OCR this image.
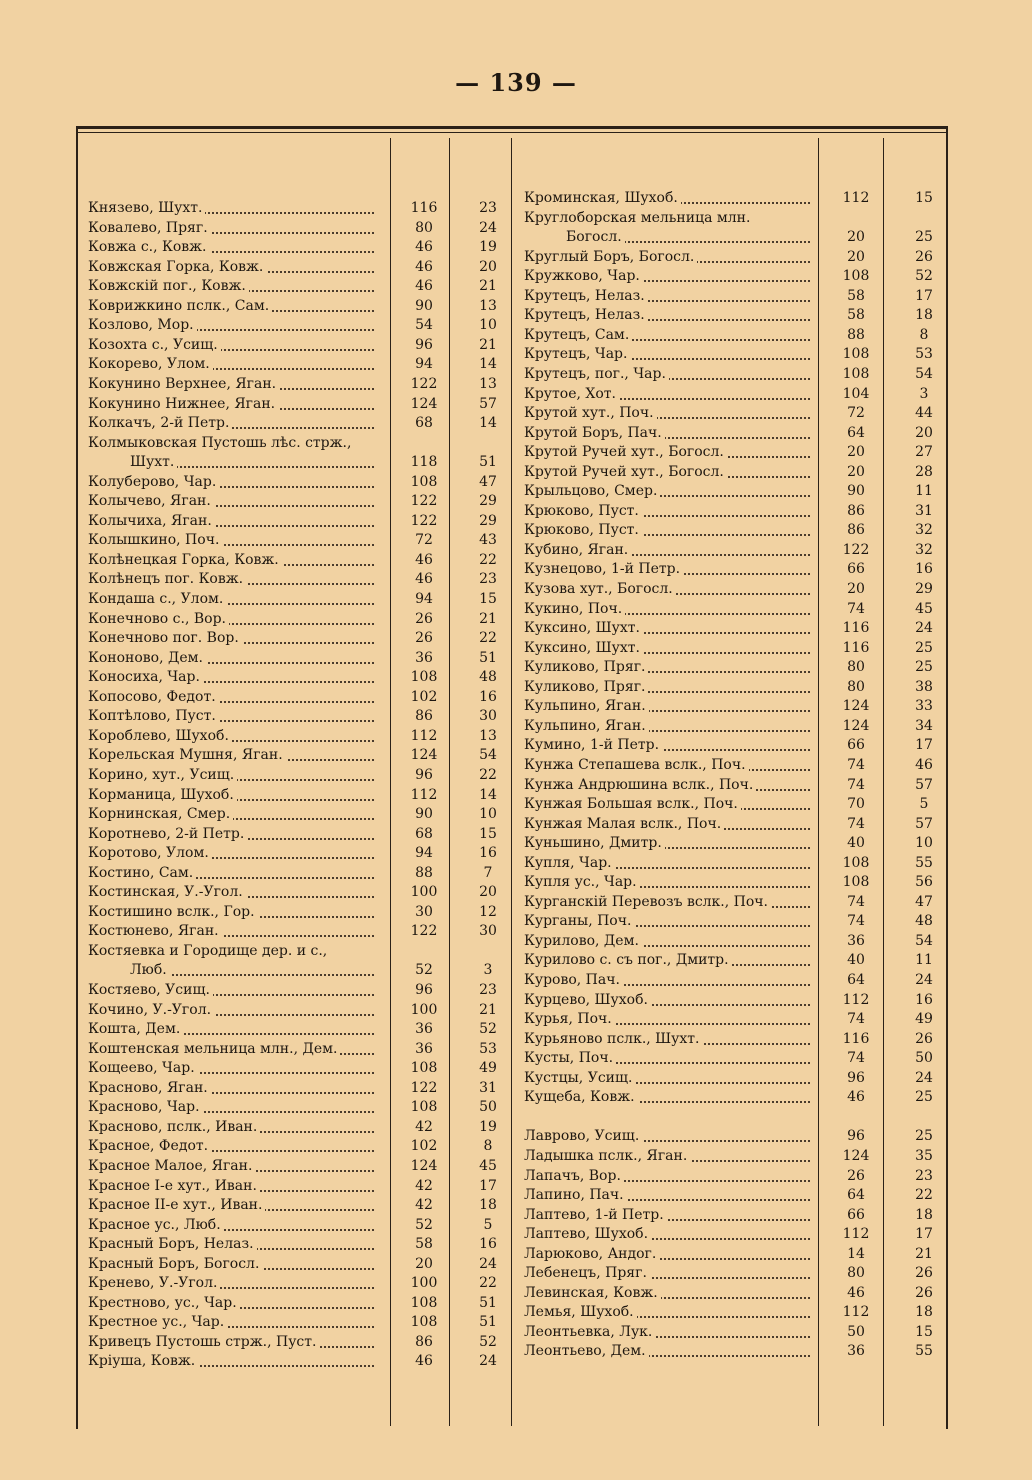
— 139 —
Князево, Шухт.	116	23
Ковалево, Пряг.	80	24
Ковжа с., Ковж.	46	19
Ковжская Горка, Ковж.	46	20
Ковжскій пог., Ковж.	46	21
Коврижкино пслк., Сам.	90	13
Козлово, Мор.	54	10
Козохта с., Усищ.	96	21
Кокорево, Улом.	94	14
Кокунино Верхнее, Яган.	122	13
Кокунино Нижнее, Яган.	124	57
Колкачъ, 2-й Петр.	68	14
Колмыковская Пустошь лѣс. стрж.,
Шухт.	118	51
Колуберово, Чар.	108	47
Колычево, Яган.	122	29
Колычиха, Яган.	122	29
Колышкино, Поч.	72	43
Колѣнецкая Горка, Ковж.	46	22
Колѣнецъ пог. Ковж.	46	23
Кондаша с., Улом.	94	15
Конечново с., Вор.	26	21
Конечново пог. Вор.	26	22
Кононово, Дем.	36	51
Коносиха, Чар.	108	48
Копосово, Федот.	102	16
Коптѣлово, Пуст.	86	30
Короблево, Шухоб.	112	13
Корельская Мушня, Яган.	124	54
Корино, хут., Усищ.	96	22
Корманица, Шухоб.	112	14
Корнинская, Смер.	90	10
Коротнево, 2-й Петр.	68	15
Коротово, Улом.	94	16
Костино, Сам.	88	7
Костинская, У.-Угол.	100	20
Костишино вслк., Гор.	30	12
Костюнево, Яган.	122	30
Костяевка и Городище дер. и с.,
Люб.	52	3
Костяево, Усищ.	96	23
Кочино, У.-Угол.	100	21
Кошта, Дем.	36	52
Коштенская мельница млн., Дем.	36	53
Кощеево, Чар.	108	49
Красново, Яган.	122	31
Красново, Чар.	108	50
Красново, пслк., Иван.	42	19
Красное, Федот.	102	8
Красное Малое, Яган.	124	45
Красное I-е хут., Иван.	42	17
Красное II-е хут., Иван.	42	18
Красное ус., Люб.	52	5
Красный Боръ, Нелаз.	58	16
Красный Боръ, Богосл.	20	24
Кренево, У.-Угол.	100	22
Крестново, ус., Чар.	108	51
Крестное ус., Чар.	108	51
Кривецъ Пустошь стрж., Пуст.	86	52
Кріуша, Ковж.	46	24
Кроминская, Шухоб.	112	15
Круглоборская мельница млн.
Богосл.	20	25
Круглый Боръ, Богосл.	20	26
Кружково, Чар.	108	52
Крутецъ, Нелаз.	58	17
Крутецъ, Нелаз.	58	18
Крутецъ, Сам.	88	8
Крутецъ, Чар.	108	53
Крутецъ, пог., Чар.	108	54
Крутое, Хот.	104	3
Крутой хут., Поч.	72	44
Крутой Боръ, Пач.	64	20
Крутой Ручей хут., Богосл.	20	27
Крутой Ручей хут., Богосл.	20	28
Крыльцово, Смер.	90	11
Крюково, Пуст.	86	31
Крюково, Пуст.	86	32
Кубино, Яган.	122	32
Кузнецово, 1-й Петр.	66	16
Кузова хут., Богосл.	20	29
Кукино, Поч.	74	45
Куксино, Шухт.	116	24
Куксино, Шухт.	116	25
Куликово, Пряг.	80	25
Куликово, Пряг.	80	38
Кульпино, Яган.	124	33
Кульпино, Яган.	124	34
Кумино, 1-й Петр.	66	17
Кунжа Степашева вслк., Поч.	74	46
Кунжа Андрюшина вслк., Поч.	74	57
Кунжая Большая вслк., Поч.	70	5
Кунжая Малая вслк., Поч.	74	57
Куньшино, Дмитр.	40	10
Купля, Чар.	108	55
Купля ус., Чар.	108	56
Курганскій Перевозъ вслк., Поч.	74	47
Курганы, Поч.	74	48
Курилово, Дем.	36	54
Курилово с. съ пог., Дмитр.	40	11
Курово, Пач.	64	24
Курцево, Шухоб.	112	16
Курья, Поч.	74	49
Курьяново пслк., Шухт.	116	26
Кусты, Поч.	74	50
Кустцы, Усищ.	96	24
Кущеба, Ковж.	46	25
Лаврово, Усищ.	96	25
Ладышка пслк., Яган.	124	35
Лапачъ, Вор.	26	23
Лапино, Пач.	64	22
Лаптево, 1-й Петр.	66	18
Лаптево, Шухоб.	112	17
Ларюково, Андог.	14	21
Лебенецъ, Пряг.	80	26
Левинская, Ковж.	46	26
Лемья, Шухоб.	112	18
Леонтьевка, Лук.	50	15
Леонтьево, Дем.	36	55
